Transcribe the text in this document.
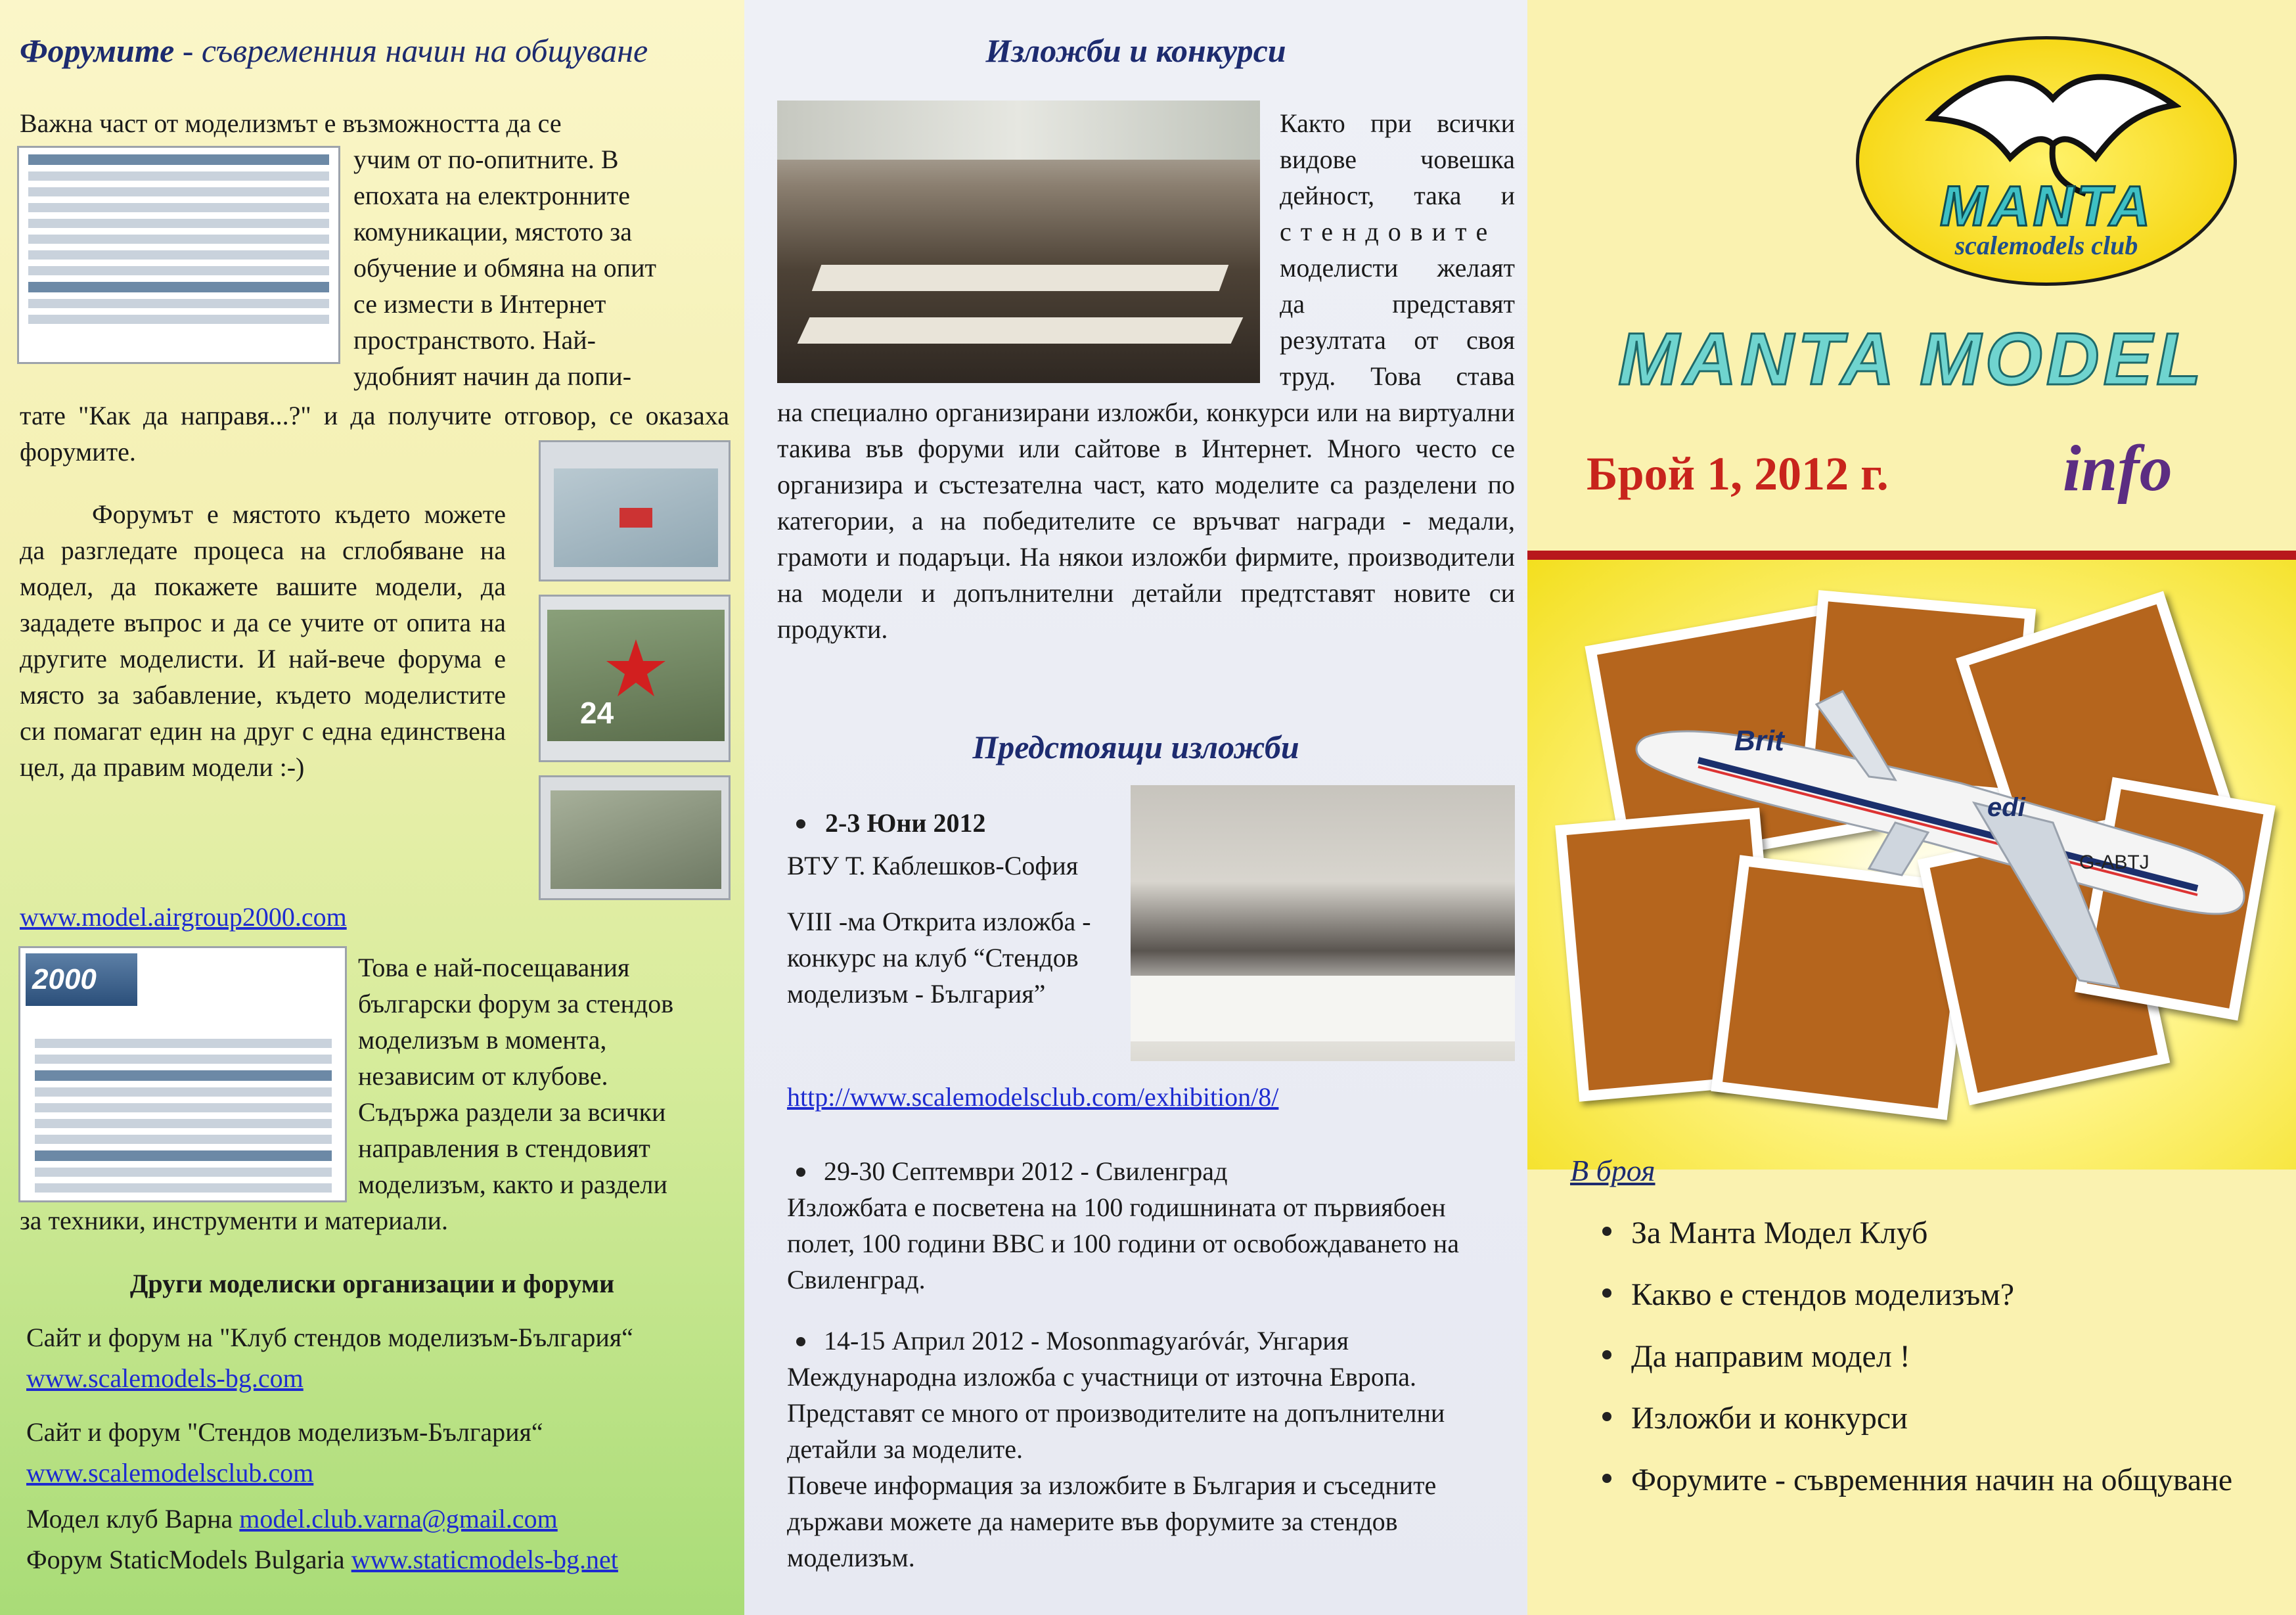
Форумите - съвременния начин на общуване
Важна част от моделизмът е възможността да се
учим от по-опитните. В
епохата на електронните
комуникации, мястото за
обучение и обмяна на опит
се измести в Интернет
пространството. Най-
удобният начин да попи-
тате "Как да направя...?" и да получите отговор, се оказаха форумите.
Форумът е мястото където можете да разгледате процеса на сглобяване на модел, да покажете вашите модели, да зададете въпрос и да се учите от опита на другите моделисти. И най-вече форума е място за забавление, където моделистите си помагат един на друг с една единствена цел, да правим модели :-)
24
www.model.airgroup2000.com
2000	Това е най-посещавания
български форум за стендов
моделизъм в момента,
независим от клубове.
Съдържа раздели за всички
направления в стендовият
моделизъм, както и раздели
за техники, инструменти и материали.
Други моделиски организации и форуми
Сайт и форум на "Клуб стендов моделизъм-България“
www.scalemodels-bg.com
Сайт и форум "Стендов моделизъм-България“
www.scalemodelsclub.com
Модел клуб Варна model.club.varna@gmail.com
Форум StaticModels Bulgaria www.staticmodels-bg.net
Изложби и конкурси
Както при всички
видове човешка
дейност, така и
стендовите
моделисти желаят
да представят
резултата от своя
труд. Това става
на специално организирани изложби, конкурси или на виртуални такива във форуми или сайтове в Интернет. Много често се организира и състезателна част, като моделите са разделени по категории, а на победителите се връчват награди - медали, грамоти и подаръци. На някои изложби фирмите, производители на модели и допълнителни детайли предтставят новите си продукти.
Предстоящи изложби
2-3 Юни 2012
ВТУ Т. Каблешков-София
VIII -ма Открита изложба - конкурс на клуб “Стендов моделизъм - България”
http://www.scalemodelsclub.com/exhibition/8/
29-30 Септември 2012 - Свиленград
Изложбата е посветена на 100 годишнината от първиябоен полет, 100 години ВВС и 100 години от освобождаването на Свиленград.
14-15 Април 2012 - Mosonmagyaróvár, Унгария
Международна изложба с участници от източна Европа. Представят се много от производителите на допълнителни детайли за моделите.
Повече информация за изложбите в България и съседните държави можете да намерите във форумите за стендов моделизъм.
MANTA
scalemodels club
MANTA MODEL
Брой 1, 2012 г.	info
Brit
edi
G-ABTJ
В броя
За Манта Модел Клуб
Какво е стендов моделизъм?
Да направим модел !
Изложби и конкурси
Форумите - съвременния начин на общуване
